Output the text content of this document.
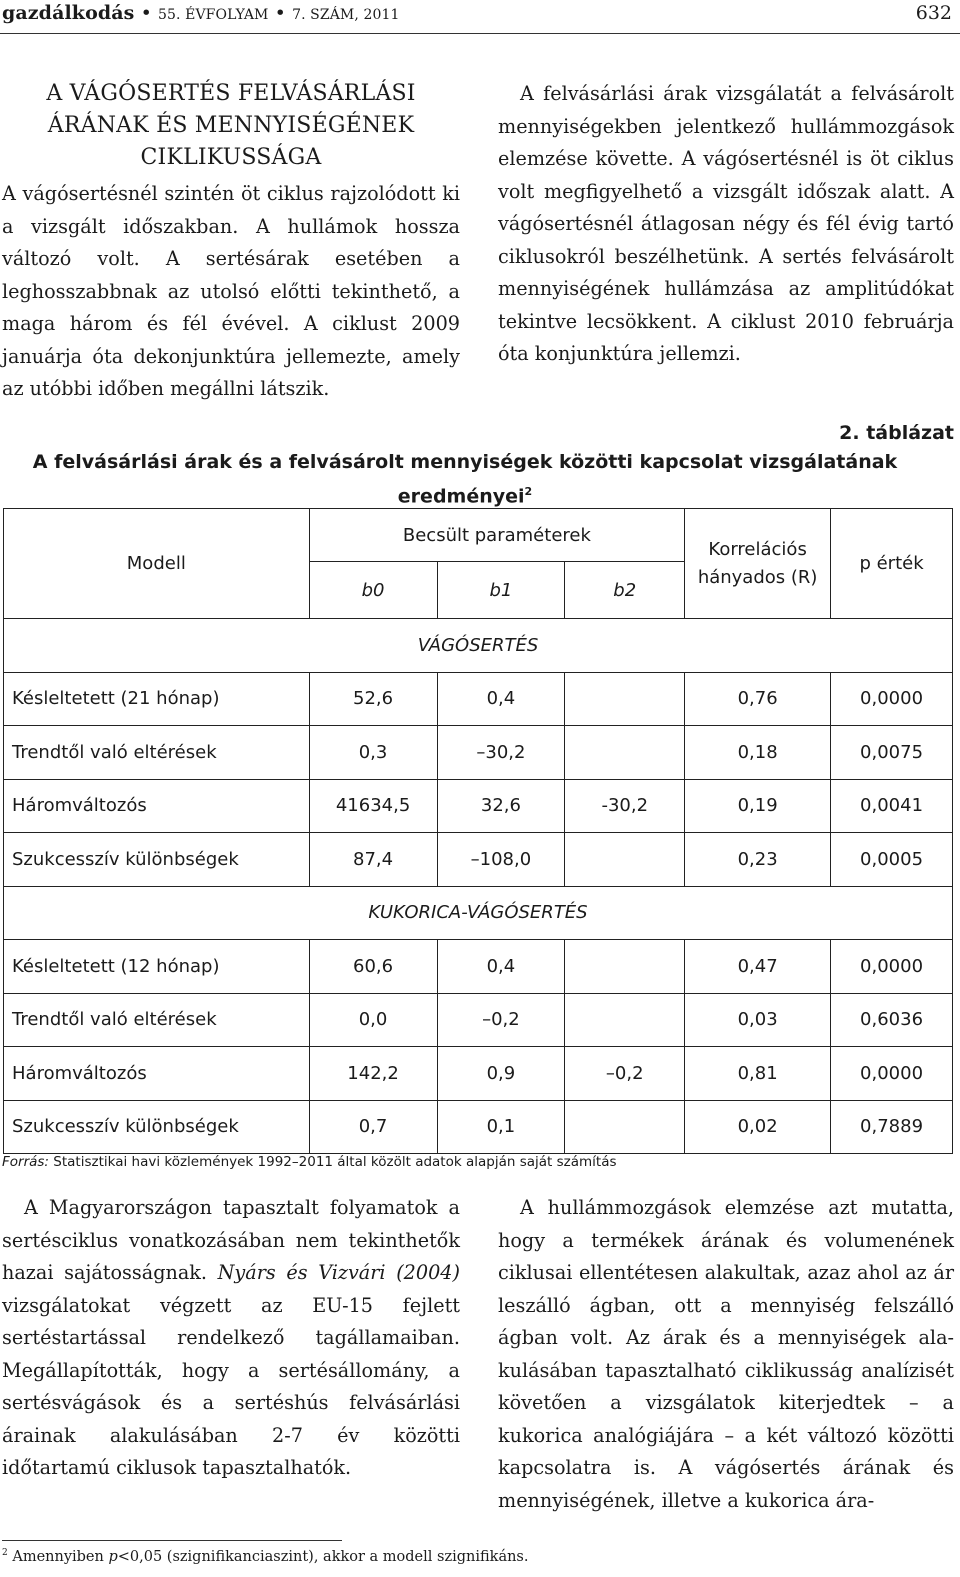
gazdálkodás • 55. ÉVFOLYAM • 7. SZÁM, 2011	632
A VÁGÓSERTÉS FELVÁSÁRLÁSI
ÁRÁNAK ÉS MENNYISÉGÉNEK
CIKLIKUSSÁGA

A vágósertésnél szintén öt ciklus rajzolódott ki a vizsgált időszakban. A hullámok hossza változó volt. A sertésárak esetében a leghosszabbnak az utolsó előtti tekinthető, a maga három és fél évével. A ciklust 2009 januárja óta dekonjunktúra jellemezte, amely az utóbbi időben megállni látszik.

A felvásárlási árak vizsgálatát a felvásárolt mennyiségekben jelentkező hullámmozgások elemzése követte. A vágósertésnél is öt ciklus volt megfigyelhető a vizsgált időszak alatt. A vágósertésnél átlagosan négy és fél évig tartó ciklusokról beszélhetünk. A sertés felvásárolt mennyiségének hullámzása az amplitúdókat tekintve lecsökkent. A ciklust 2010 februárja óta konjunktúra jellemzi.

2. táblázat
A felvásárlási árak és a felvásárolt mennyiségek közötti kapcsolat vizsgálatának eredményei$^2$
Modell	Becsült paraméterek			Korrelációs hányados (R)	p érték
	b0	b1	b2		
VÁGÓSERTÉS					
Késleltetett (21 hónap)	52,6	0,4		0,76	0,0000
Trendtől való eltérések	0,3	–30,2		0,18	0,0075
Háromváltozós	41634,5	32,6	-30,2	0,19	0,0041
Szukcesszív különbségek	87,4	–108,0		0,23	0,0005
KUKORICA-VÁGÓSERTÉS					
Késleltetett (12 hónap)	60,6	0,4		0,47	0,0000
Trendtől való eltérések	0,0	–0,2		0,03	0,6036
Háromváltozós	142,2	0,9	–0,2	0,81	0,0000
Szukcesszív különbségek	0,7	0,1		0,02	0,7889
Forrás: Statisztikai havi közlemények 1992–2011 által közölt adatok alapján saját számítás

A Magyarországon tapasztalt folyamatok a sertésciklus vonatkozásában nem tekinthetők hazai sajátosságnak. Nyárs és Vizvári (2004) vizsgálatokat végzett az EU-15 fejlett sertéstartással rendelkező tagállamaiban. Megállapították, hogy a sertésállomány, a sertésvágások és a sertéshús felvásárlási árainak alakulásában 2-7 év közötti időtartamú ciklusok tapasztalhatók.

A hullámmozgások elemzése azt mutatta, hogy a termékek árának és volumenének ciklusai ellentétesen alakultak, azaz ahol az ár leszálló ágban, ott a mennyiség felszálló ágban volt. Az árak és a mennyiségek alakulásában tapasztalható ciklikusság analízisét követően a vizsgálatok kiterjedtek – a kukorica analógiájára – a két változó közötti kapcsolatra is. A vágósertés árának és mennyiségének, illetve a kukorica ára-

$^2$ Amennyiben p<0,05 (szignifikanciaszint), akkor a modell szignifikáns.
